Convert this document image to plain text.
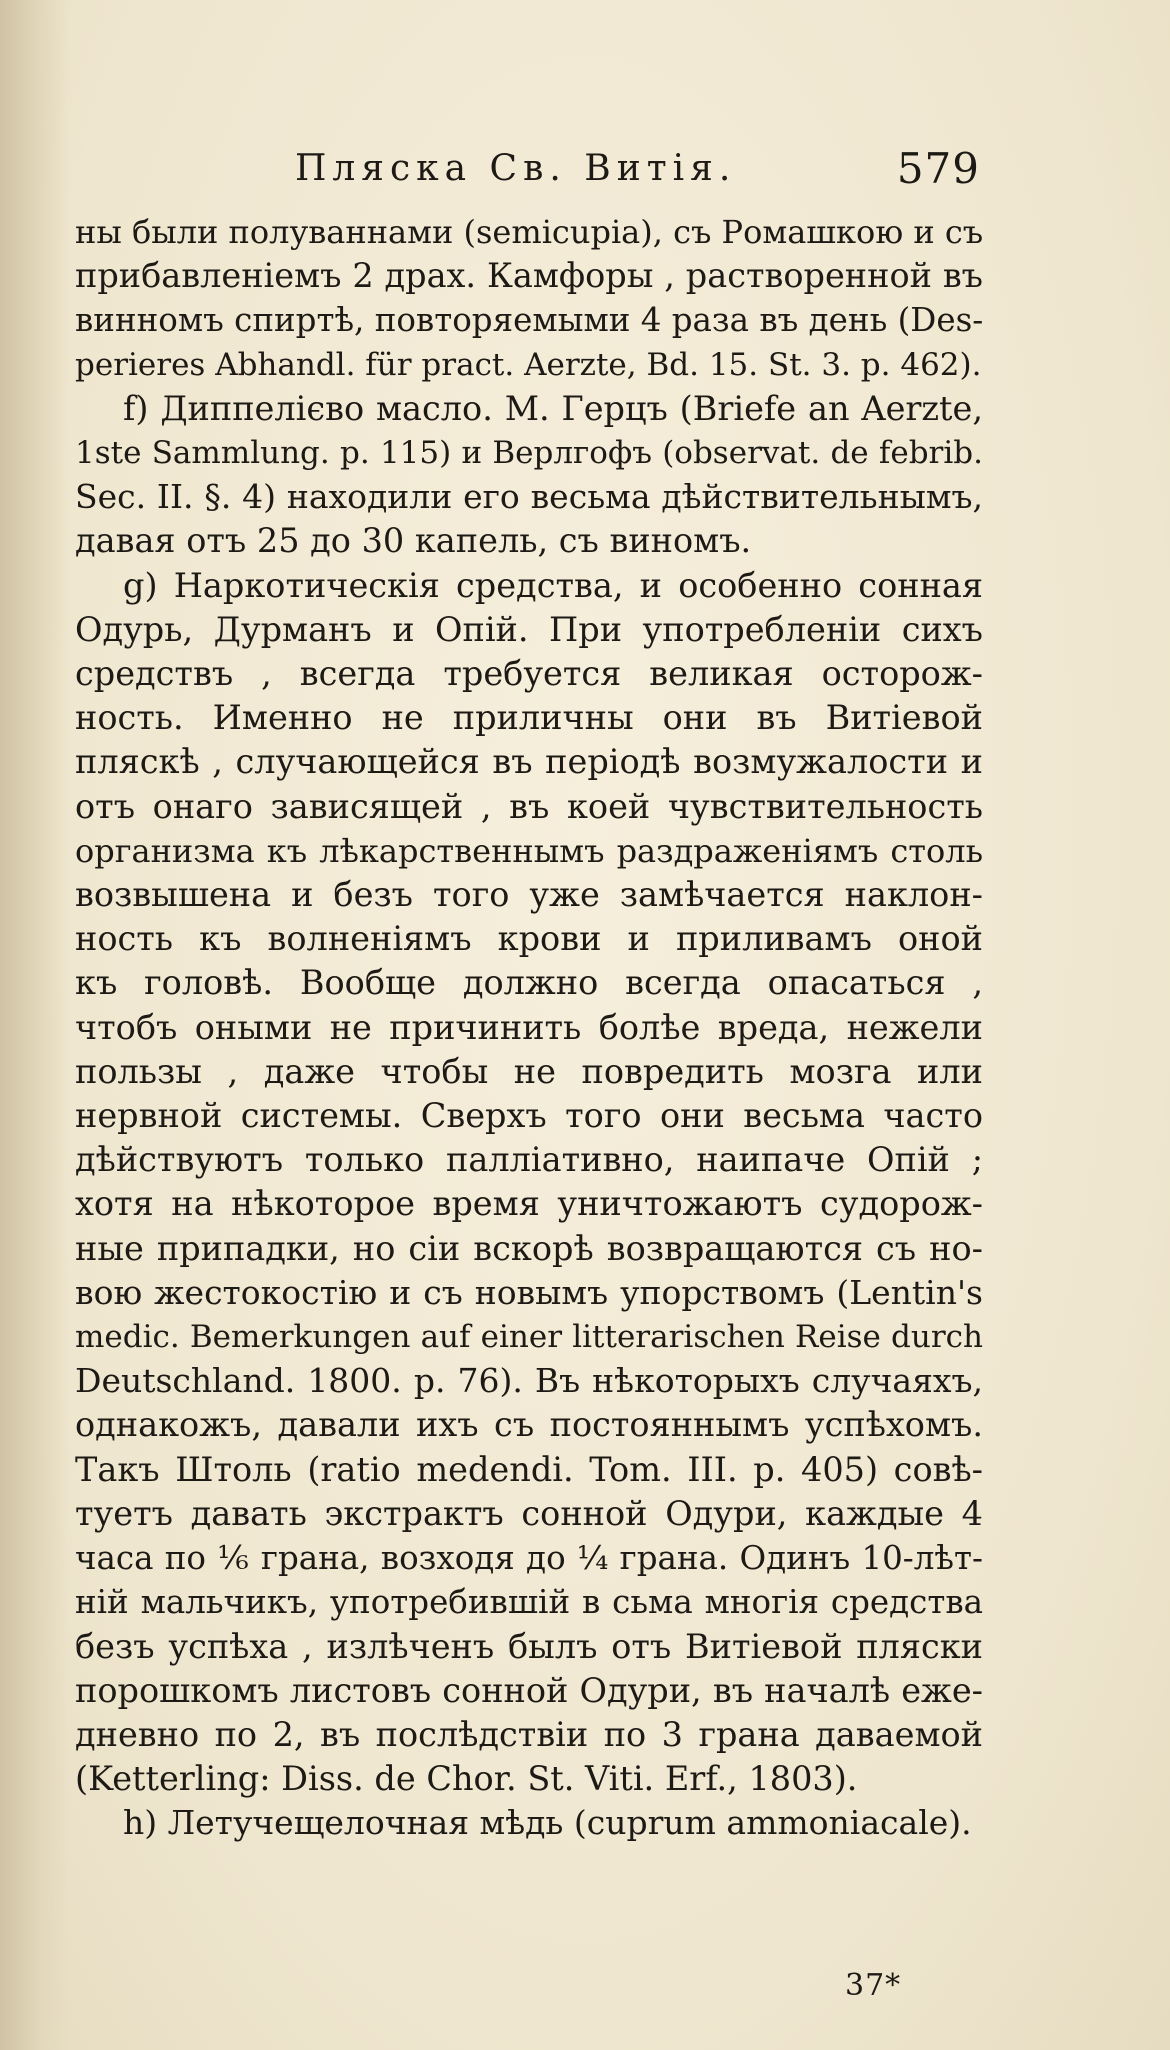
Пляска Св. Витія.	579
ны были полуваннами (semicupia), съ Ромашкою и съ
прибавленіемъ 2 драх. Камфоры , растворенной въ
винномъ спиртѣ, повторяемыми 4 раза въ день (Des-
perieres Abhandl. für pract. Aerzte, Bd. 15. St. 3. p. 462).
f) Диппелієво масло. М. Герцъ (Briefe an Aerzte,
1ste Sammlung. p. 115) и Верлгофъ (observat. de febrib.
Sec. II. §. 4) находили его весьма дѣйствительнымъ,
давая отъ 25 до 30 капель, съ виномъ.
g) Наркотическія средства, и особенно сонная
Одурь, Дурманъ и Опій. При употребленіи сихъ
средствъ , всегда требуется великая осторож-
ность. Именно не приличны они въ Витіевой
пляскѣ , случающейся въ періодѣ возмужалости и
отъ онаго зависящей , въ коей чувствительность
организма къ лѣкарственнымъ раздраженіямъ столь
возвышена и безъ того уже замѣчается наклон-
ность къ волненіямъ крови и приливамъ оной
къ головѣ. Вообще должно всегда опасаться ,
чтобъ оными не причинить болѣе вреда, нежели
пользы , даже чтобы не повредить мозга или
нервной системы. Сверхъ того они весьма часто
дѣйствуютъ только палліативно, наипаче Опій ;
хотя на нѣкоторое время уничтожаютъ судорож-
ные припадки, но сіи вскорѣ возвращаются съ но-
вою жестокостію и съ новымъ упорствомъ (Lentin's
medic. Bemerkungen auf einer litterarischen Reise durch
Deutschland. 1800. p. 76). Въ нѣкоторыхъ случаяхъ,
однакожъ, давали ихъ съ постояннымъ успѣхомъ.
Такъ Штоль (ratio medendi. Tom. III. p. 405) совѣ-
туетъ давать экстрактъ сонной Одури, каждые 4
часа по ⅙ грана, возходя до ¼ грана. Одинъ 10-лѣт-
ній мальчикъ, употребившій в сьма многія средства
безъ успѣха , излѣченъ былъ отъ Витіевой пляски
порошкомъ листовъ сонной Одури, въ началѣ еже-
дневно по 2, въ послѣдствіи по 3 грана даваемой
(Ketterling: Diss. de Chor. St. Viti. Erf., 1803).
h) Летучещелочная мѣдь (cuprum ammoniacale).
37*
